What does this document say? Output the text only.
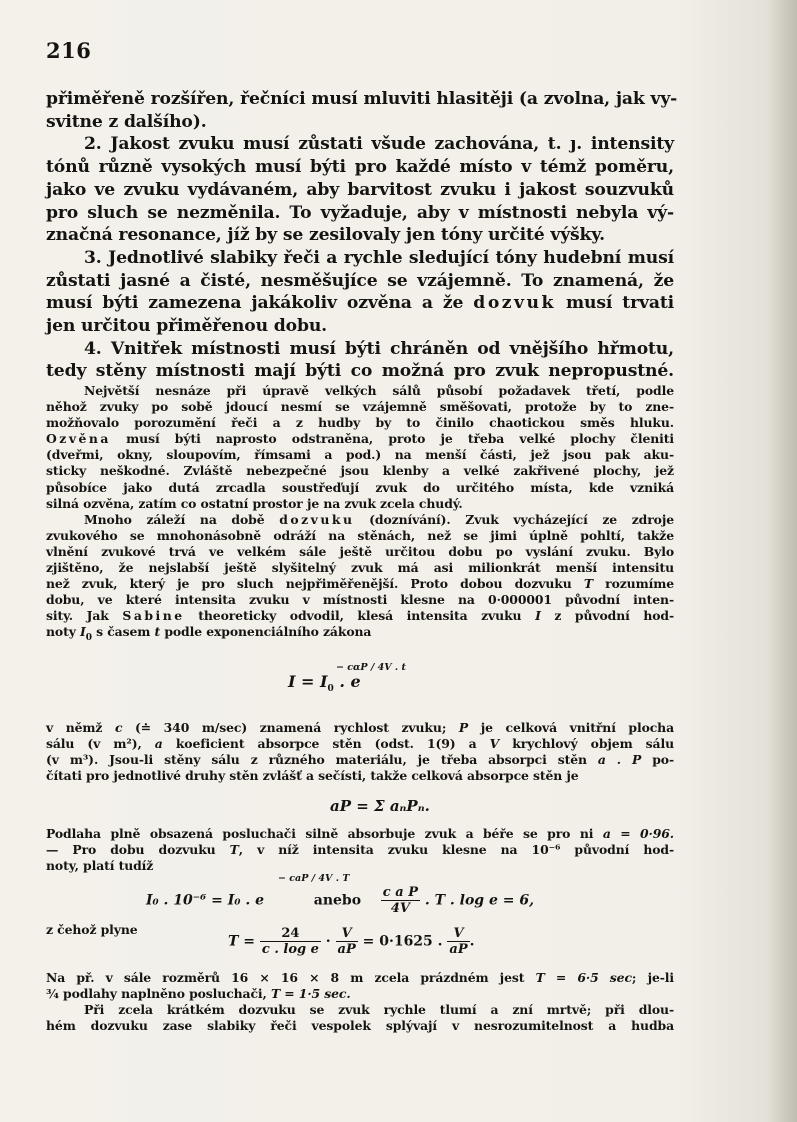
216
přiměřeně rozšířen, řečníci musí mluviti hlasitěji (a zvolna, jak vy-
svitne z dalšího).
2. Jakost zvuku musí zůstati všude zachována, t. ȷ. intensity
tónů různě vysokých musí býti pro každé místo v témž poměru,
jako ve zvuku vydávaném, aby barvitost zvuku i jakost souzvuků
pro sluch se nezměnila. To vyžaduje, aby v místnosti nebyla vý-
značná resonance, jíž by se zesilovaly jen tóny určité výšky.
3. Jednotlivé slabiky řeči a rychle sledující tóny hudební musí
zůstati jasné a čisté, nesměšujíce se vzájemně. To znamená, že
musí býti zamezena jakákoliv ozvěna a že dozvuk musí trvati
jen určitou přiměřenou dobu.
4. Vnitřek místnosti musí býti chráněn od vnějšího hřmotu,
tedy stěny místnosti mají býti co možná pro zvuk nepropustné.
Největší nesnáze při úpravě velkých sálů působí požadavek třetí, podle
něhož zvuky po sobě jdoucí nesmí se vzájemně směšovati, protože by to zne-
možňovalo porozumění řeči a z hudby by to činilo chaotickou směs hluku.
Ozvěna musí býti naprosto odstraněna, proto je třeba velké plochy členiti
(dveřmi, okny, sloupovím, římsami a pod.) na menší části, jež jsou pak aku-
sticky neškodné. Zvláště nebezpečné jsou klenby a velké zakřivené plochy, jež
působíce jako dutá zrcadla soustřeďují zvuk do určitého místa, kde vzniká
silná ozvěna, zatím co ostatní prostor je na zvuk zcela chudý.
Mnoho záleží na době dozvuku (doznívání). Zvuk vycházející ze zdroje
zvukového se mnohonásobně odráží na stěnách, než se jimi úplně pohltí, takže
vlnění zvukové trvá ve velkém sále ještě určitou dobu po vyslání zvuku. Bylo
zjištěno, že nejslabší ještě slyšitelný zvuk má asi milionkrát menší intensitu
než zvuk, který je pro sluch nejpřiměřenější. Proto dobou dozvuku T rozumíme
dobu, ve které intensita zvuku v místnosti klesne na 0·000001 původní inten-
sity. Jak Sabine theoreticky odvodil, klesá intensita zvuku I z původní hod-
noty $I_0$ s časem t podle exponenciálního zákona
− cαP / 4V . t
$I = I_0$ . e
v němž c (≐ 340 m/sec) znamená rychlost zvuku; P je celková vnitřní plocha
sálu (v m²), a koeficient absorpce stěn (odst. 1(9) a V krychlový objem sálu
(v m³). Jsou-li stěny sálu z různého materiálu, je třeba absorpci stěn a . P po-
čítati pro jednotlivé druhy stěn zvlášť a sečísti, takže celková absorpce stěn je
aP = Σ aₙPₙ.
Podlaha plně obsazená posluchači silně absorbuje zvuk a béře se pro ni a = 0·96.
— Pro dobu dozvuku T, v níž intensita zvuku klesne na 10⁻⁶ původní hod-
noty, platí tudíž
− caP / 4V . T
I₀ . 10⁻⁶ = I₀ . e	anebo $\frac{\text{c a P}}{4V}$ . T . log e = 6,
z čehož plyne
$T = \frac{24}{\text{c . log e}} \cdot \frac{V}{aP} = 0\cdot 1625$ . $\frac{V}{aP}$ .
Na př. v sále rozměrů 16 × 16 × 8 m zcela prázdném jest T = 6·5 sec; je-li
¾ podlahy naplněno posluchači, T = 1·5 sec.
Při zcela krátkém dozvuku se zvuk rychle tlumí a zní mrtvě; při dlou-
hém dozvuku zase slabiky řeči vespolek splývají v nesrozumitelnost a hudba
